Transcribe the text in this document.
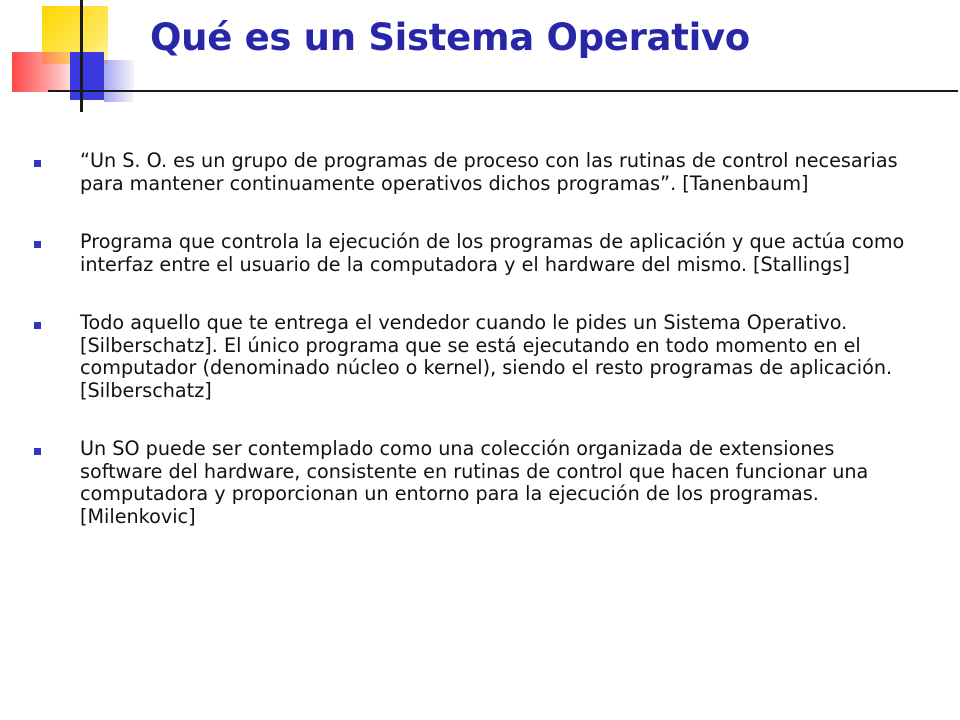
Qué es un Sistema Operativo
“Un S. O. es un grupo de programas de proceso con las rutinas de control necesarias para mantener continuamente operativos dichos programas”. [Tanenbaum]
Programa que controla la ejecución de los programas de aplicación y que actúa como interfaz entre el usuario de la computadora y el hardware del mismo. [Stallings]
Todo aquello que te entrega el vendedor cuando le pides un Sistema Operativo. [Silberschatz]. El único programa que se está ejecutando en todo momento en el computador (denominado núcleo o kernel), siendo el resto programas de aplicación. [Silberschatz]
Un SO puede ser contemplado como una colección organizada de extensiones software del hardware, consistente en rutinas de control que hacen funcionar una computadora y proporcionan un entorno para la ejecución de los programas. [Milenkovic]
